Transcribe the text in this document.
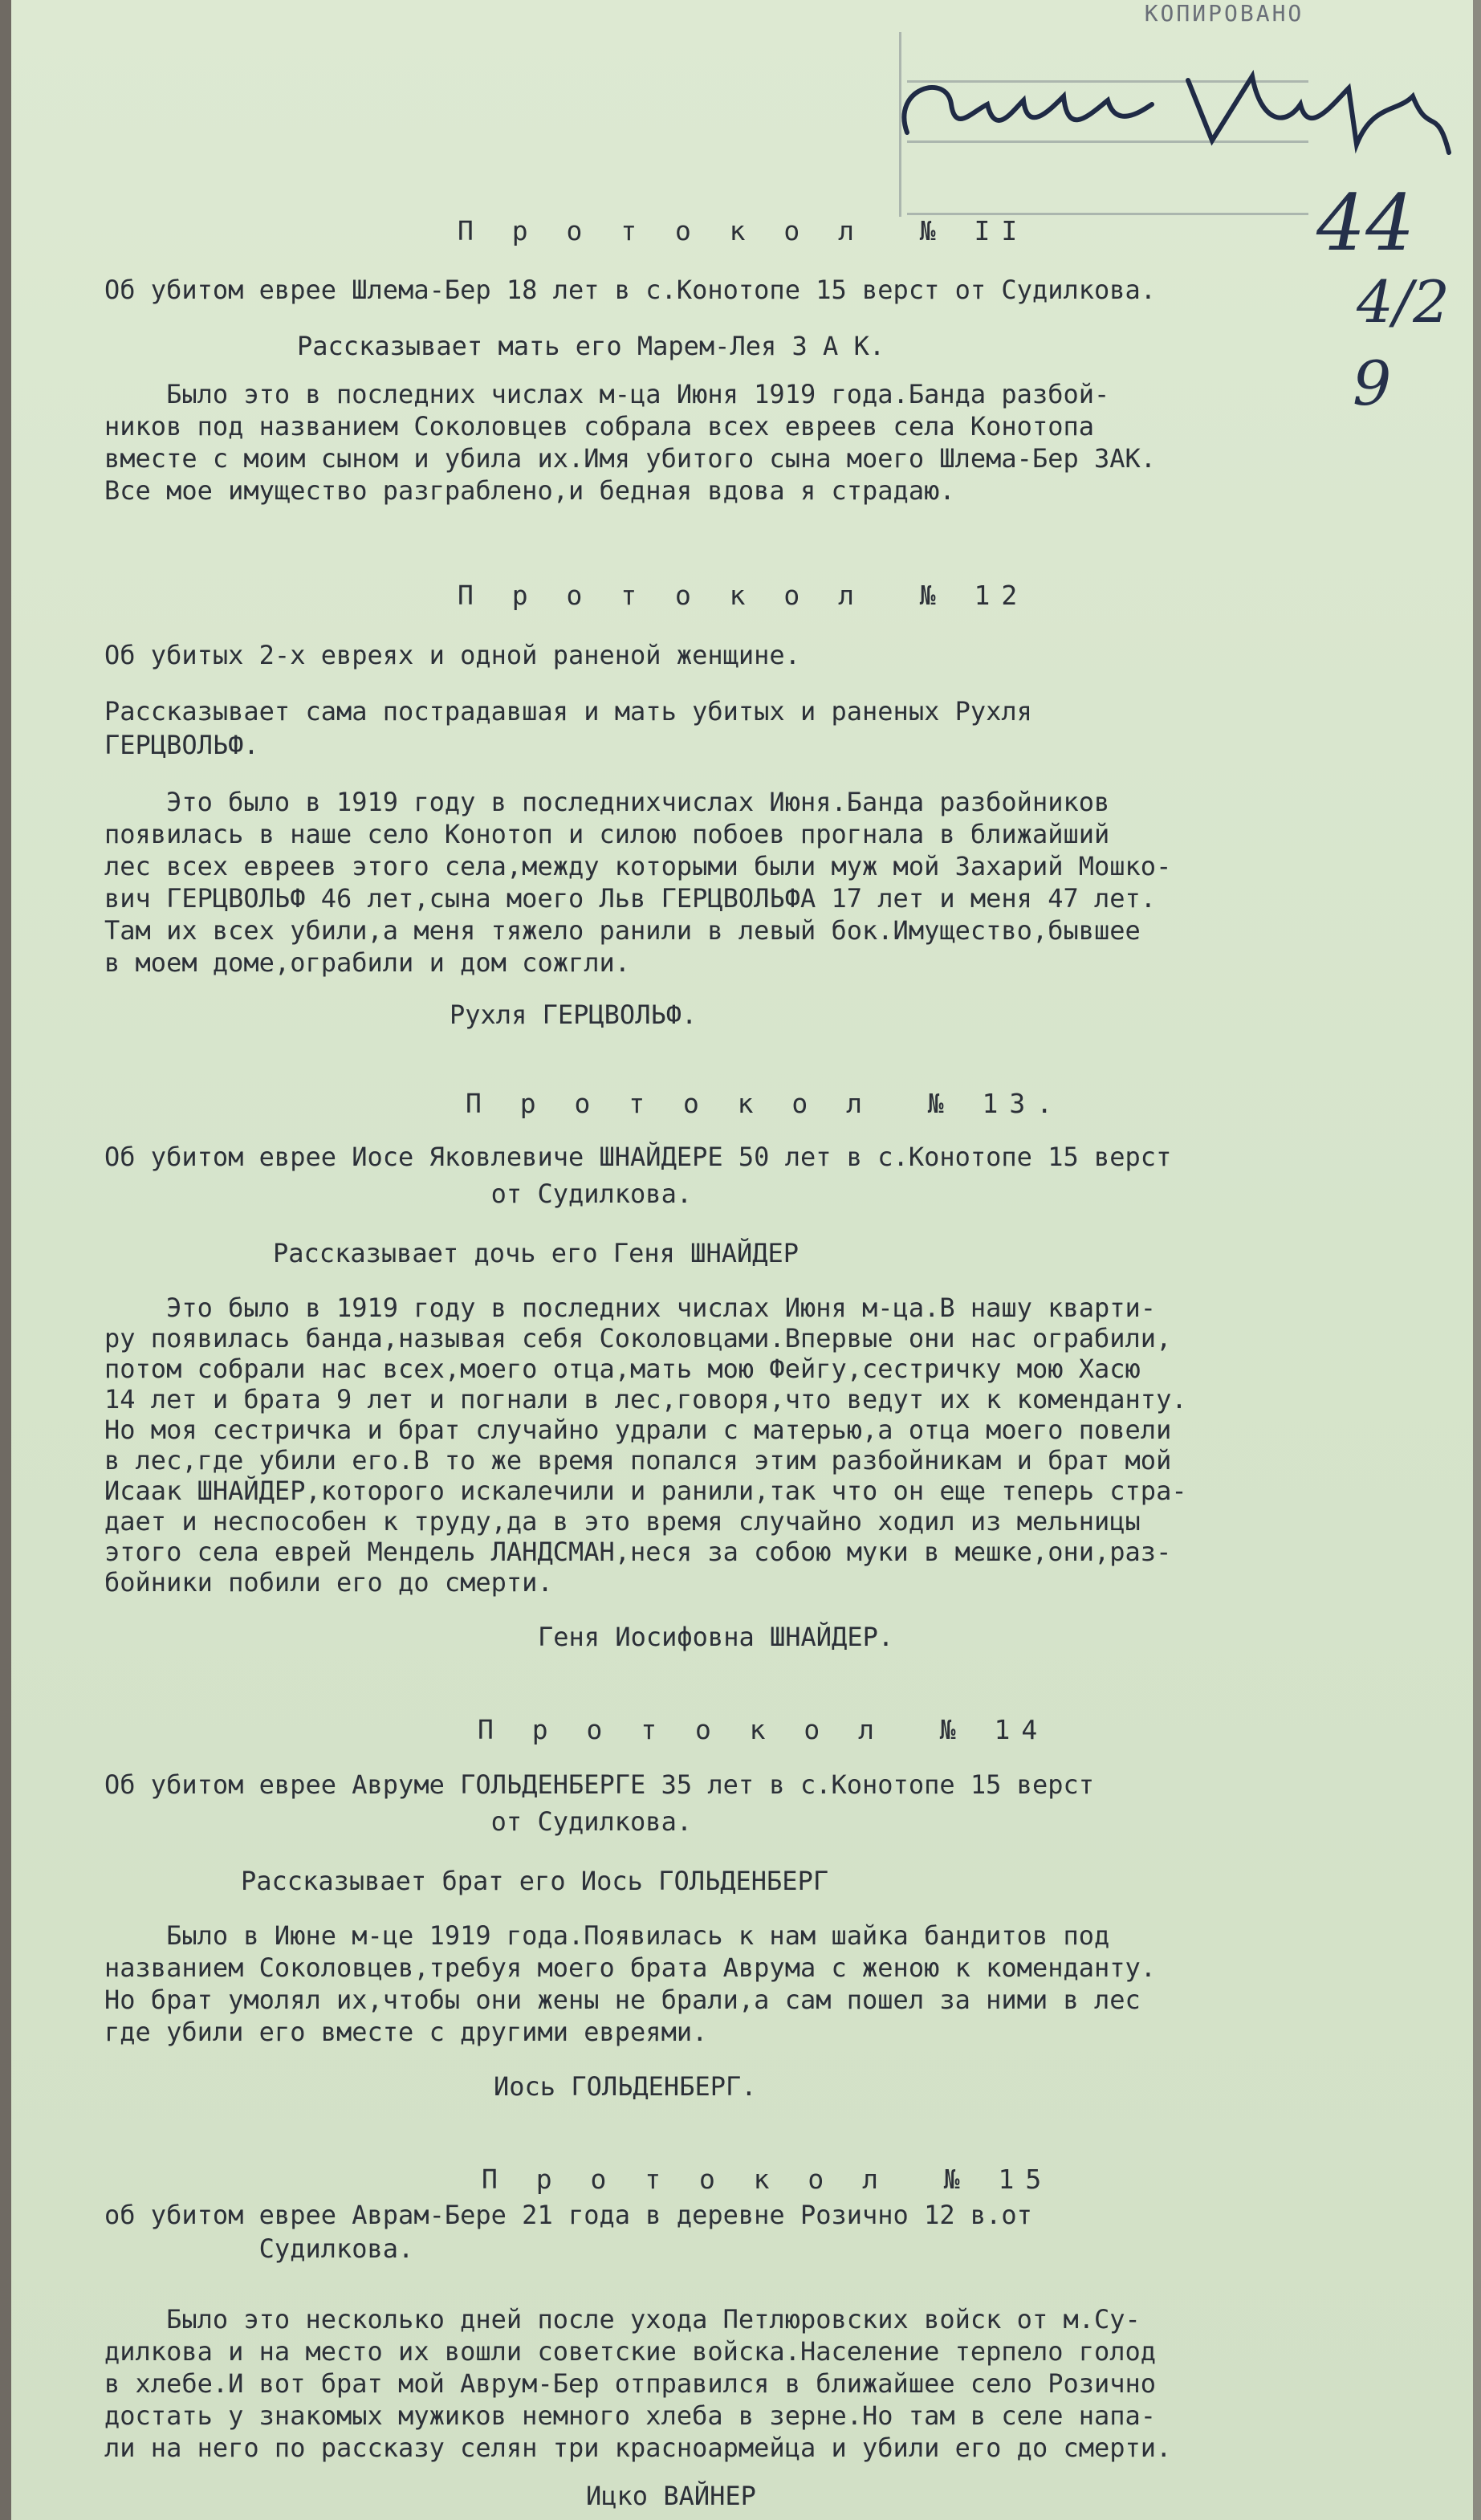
КОПИРОВАНО
44
4/2
9
П р о т о к о л  № II
Об убитом еврее Шлема-Бер 18 лет в с.Конотопе 15 верст от Судилкова.
Рассказывает мать его Марем-Лея З А К.
Было это в последних числах м-ца Июня 1919 года.Банда разбой-
ников под названием Соколовцев собрала всех евреев села Конотопа
вместе с моим сыном и убила их.Имя убитого сына моего Шлема-Бер ЗАК.
Все мое имущество разграблено,и бедная вдова я страдаю.
П р о т о к о л  № 12
Об убитых 2-х евреях и одной раненой женщине.
Рассказывает сама пострадавшая и мать убитых и раненых Рухля
ГЕРЦВОЛЬФ.
Это было в 1919 году в последнихчислах Июня.Банда разбойников
появилась в наше село Конотоп и силою побоев прогнала в ближайший
лес всех евреев этого села,между которыми были муж мой Захарий Мошко-
вич ГЕРЦВОЛЬФ 46 лет,сына моего Льв ГЕРЦВОЛЬФА 17 лет и меня 47 лет.
Там их всех убили,а меня тяжело ранили в левый бок.Имущество,бывшее
в моем доме,ограбили и дом сожгли.
Рухля ГЕРЦВОЛЬФ.
П р о т о к о л  № 13.
Об убитом еврее Иосе Яковлевиче ШНАЙДЕРЕ 50 лет в с.Конотопе 15 верст
от Судилкова.
Рассказывает дочь его Геня ШНАЙДЕР
Это было в 1919 году в последних числах Июня м-ца.В нашу кварти-
ру появилась банда,называя себя Соколовцами.Впервые они нас ограбили,
потом собрали нас всех,моего отца,мать мою Фейгу,сестричку мою Хасю
14 лет и брата 9 лет и погнали в лес,говоря,что ведут их к коменданту.
Но моя сестричка и брат случайно удрали с матерью,а отца моего повели
в лес,где убили его.В то же время попался этим разбойникам и брат мой
Исаак ШНАЙДЕР,которого искалечили и ранили,так что он еще теперь стра-
дает и неспособен к труду,да в это время случайно ходил из мельницы
этого села еврей Мендель ЛАНДСМАН,неся за собою муки в мешке,они,раз-
бойники побили его до смерти.
Геня Иосифовна ШНАЙДЕР.
П р о т о к о л  № 14
Об убитом еврее Авруме ГОЛЬДЕНБЕРГЕ 35 лет в с.Конотопе 15 верст
от Судилкова.
Рассказывает брат его Иось ГОЛЬДЕНБЕРГ
Было в Июне м-це 1919 года.Появилась к нам шайка бандитов под
названием Соколовцев,требуя моего брата Аврума с женою к коменданту.
Но брат умолял их,чтобы они жены не брали,а сам пошел за ними в лес
где убили его вместе с другими евреями.
Иось ГОЛЬДЕНБЕРГ.
П р о т о к о л  № 15
об убитом еврее Аврам-Бере 21 года в деревне Розично 12 в.от
Судилкова.
Было это несколько дней после ухода Петлюровских войск от м.Су-
дилкова и на место их вошли советские войска.Население терпело голод
в хлебе.И вот брат мой Аврум-Бер отправился в ближайшее село Розично
достать у знакомых мужиков немного хлеба в зерне.Но там в селе напа-
ли на него по рассказу селян три красноармейца и убили его до смерти.
Ицко ВАЙНЕР
